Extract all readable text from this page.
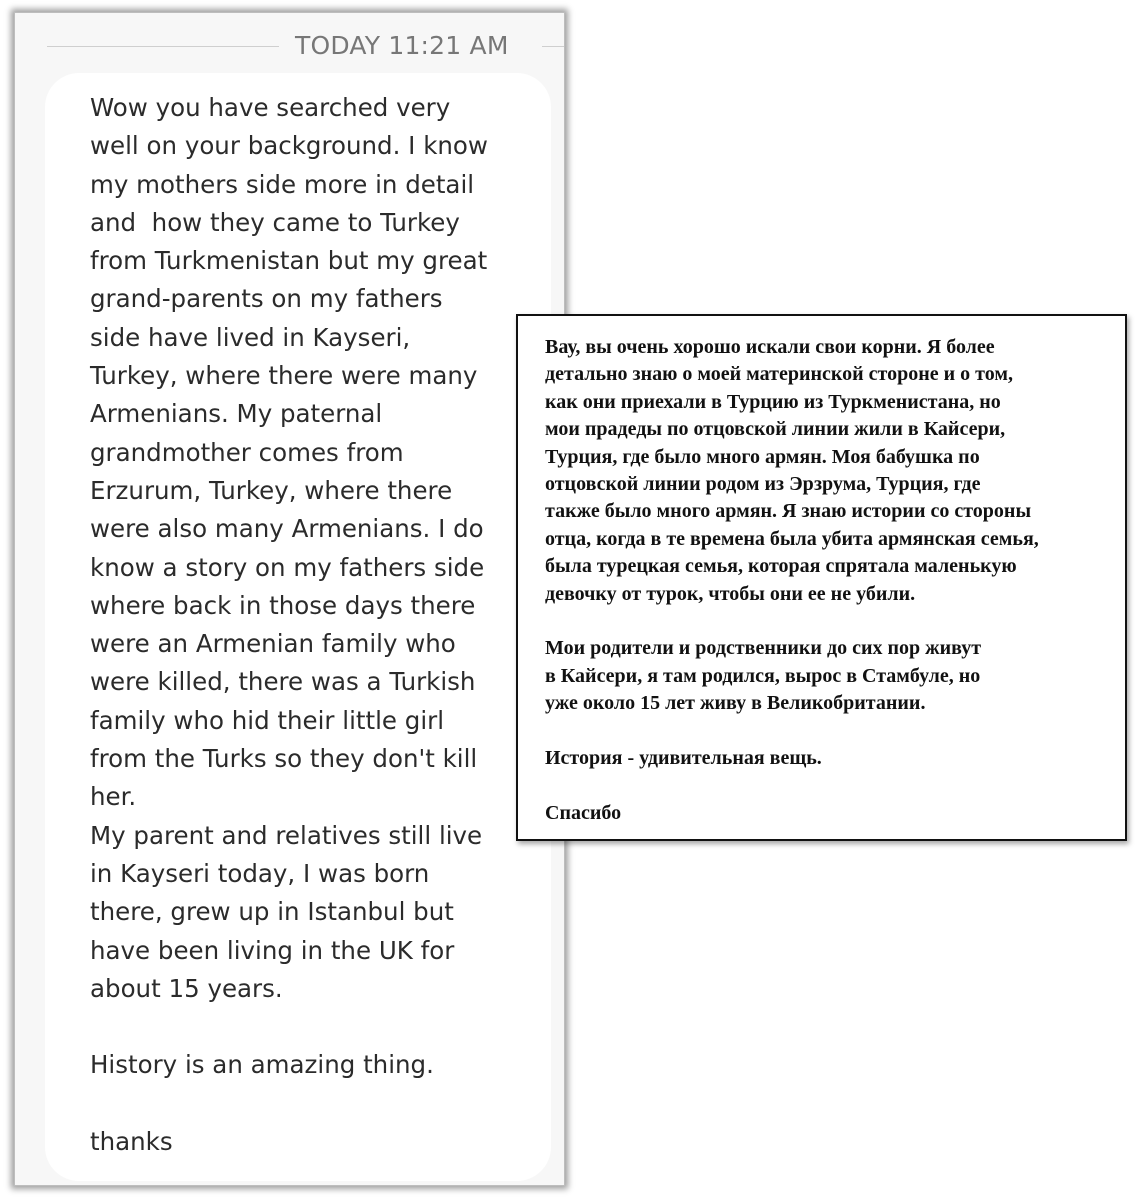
TODAY 11:21 AM

Wow you have searched very
well on your background. I know
my mothers side more in detail
and  how they came to Turkey
from Turkmenistan but my great
grand-parents on my fathers
side have lived in Kayseri,
Turkey, where there were many
Armenians. My paternal
grandmother comes from
Erzurum, Turkey, where there
were also many Armenians. I do
know a story on my fathers side
where back in those days there
were an Armenian family who
were killed, there was a Turkish
family who hid their little girl
from the Turks so they don't kill
her.
My parent and relatives still live
in Kayseri today, I was born
there, grew up in Istanbul but
have been living in the UK for
about 15 years.

History is an amazing thing.

thanks

Вау, вы очень хорошо искали свои корни. Я более
детально знаю о моей материнской стороне и о том,
как они приехали в Турцию из Туркменистана, но
мои прадеды по отцовской линии жили в Кайсери,
Турция, где было много армян. Моя бабушка по
отцовской линии родом из Эрзрума, Турция, где
также было много армян. Я знаю истории со стороны
отца, когда в те времена была убита армянская семья,
была турецкая семья, которая спрятала маленькую
девочку от турок, чтобы они ее не убили.

Мои родители и родственники до сих пор живут
в Кайсери, я там родился, вырос в Стамбуле, но
уже около 15 лет живу в Великобритании.

История - удивительная вещь.

Спасибо
